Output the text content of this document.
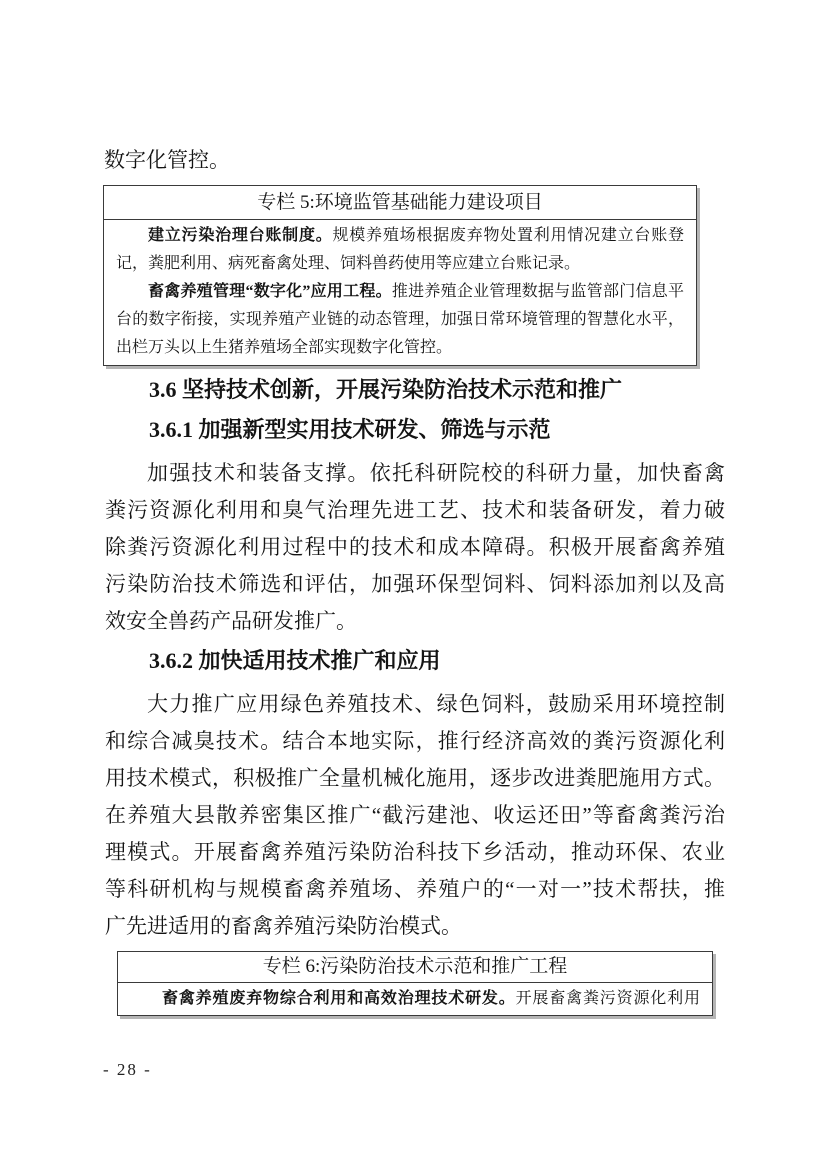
数字化管控。
专栏 5:环境监管基础能力建设项目
建立污染治理台账制度。规模养殖场根据废弃物处置利用情况建立台账登
记，粪肥利用、病死畜禽处理、饲料兽药使用等应建立台账记录。
畜禽养殖管理“数字化”应用工程。推进养殖企业管理数据与监管部门信息平
台的数字衔接，实现养殖产业链的动态管理，加强日常环境管理的智慧化水平，
出栏万头以上生猪养殖场全部实现数字化管控。
3.6 坚持技术创新，开展污染防治技术示范和推广
3.6.1 加强新型实用技术研发、筛选与示范
加强技术和装备支撑。依托科研院校的科研力量，加快畜禽
粪污资源化利用和臭气治理先进工艺、技术和装备研发，着力破
除粪污资源化利用过程中的技术和成本障碍。积极开展畜禽养殖
污染防治技术筛选和评估，加强环保型饲料、饲料添加剂以及高
效安全兽药产品研发推广。
3.6.2 加快适用技术推广和应用
大力推广应用绿色养殖技术、绿色饲料，鼓励采用环境控制
和综合减臭技术。结合本地实际，推行经济高效的粪污资源化利
用技术模式，积极推广全量机械化施用，逐步改进粪肥施用方式。
在养殖大县散养密集区推广“截污建池、收运还田”等畜禽粪污治
理模式。开展畜禽养殖污染防治科技下乡活动，推动环保、农业
等科研机构与规模畜禽养殖场、养殖户的“一对一”技术帮扶，推
广先进适用的畜禽养殖污染防治模式。
专栏 6:污染防治技术示范和推广工程
畜禽养殖废弃物综合利用和高效治理技术研发。开展畜禽粪污资源化利用
- 28 -
